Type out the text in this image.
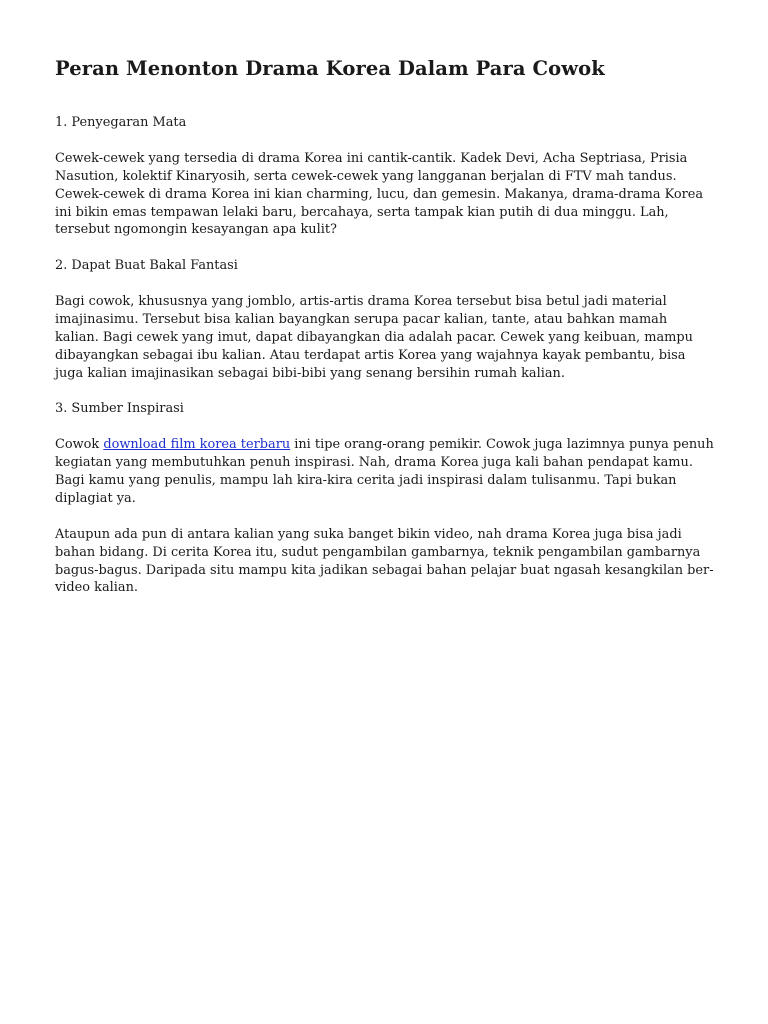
Peran Menonton Drama Korea Dalam Para Cowok

1. Penyegaran Mata

Cewek-cewek yang tersedia di drama Korea ini cantik-cantik. Kadek Devi, Acha Septriasa, Prisia Nasution, kolektif Kinaryosih, serta cewek-cewek yang langganan berjalan di FTV mah tandus. Cewek-cewek di drama Korea ini kian charming, lucu, dan gemesin. Makanya, drama-drama Korea ini bikin emas tempawan lelaki baru, bercahaya, serta tampak kian putih di dua minggu. Lah, tersebut ngomongin kesayangan apa kulit?

2. Dapat Buat Bakal Fantasi

Bagi cowok, khususnya yang jomblo, artis-artis drama Korea tersebut bisa betul jadi material imajinasimu. Tersebut bisa kalian bayangkan serupa pacar kalian, tante, atau bahkan mamah kalian. Bagi cewek yang imut, dapat dibayangkan dia adalah pacar. Cewek yang keibuan, mampu dibayangkan sebagai ibu kalian. Atau terdapat artis Korea yang wajahnya kayak pembantu, bisa juga kalian imajinasikan sebagai bibi-bibi yang senang bersihin rumah kalian.

3. Sumber Inspirasi

Cowok download film korea terbaru ini tipe orang-orang pemikir. Cowok juga lazimnya punya penuh kegiatan yang membutuhkan penuh inspirasi. Nah, drama Korea juga kali bahan pendapat kamu. Bagi kamu yang penulis, mampu lah kira-kira cerita jadi inspirasi dalam tulisanmu. Tapi bukan diplagiat ya.

Ataupun ada pun di antara kalian yang suka banget bikin video, nah drama Korea juga bisa jadi bahan bidang. Di cerita Korea itu, sudut pengambilan gambarnya, teknik pengambilan gambarnya bagus-bagus. Daripada situ mampu kita jadikan sebagai bahan pelajar buat ngasah kesangkilan ber-video kalian.
